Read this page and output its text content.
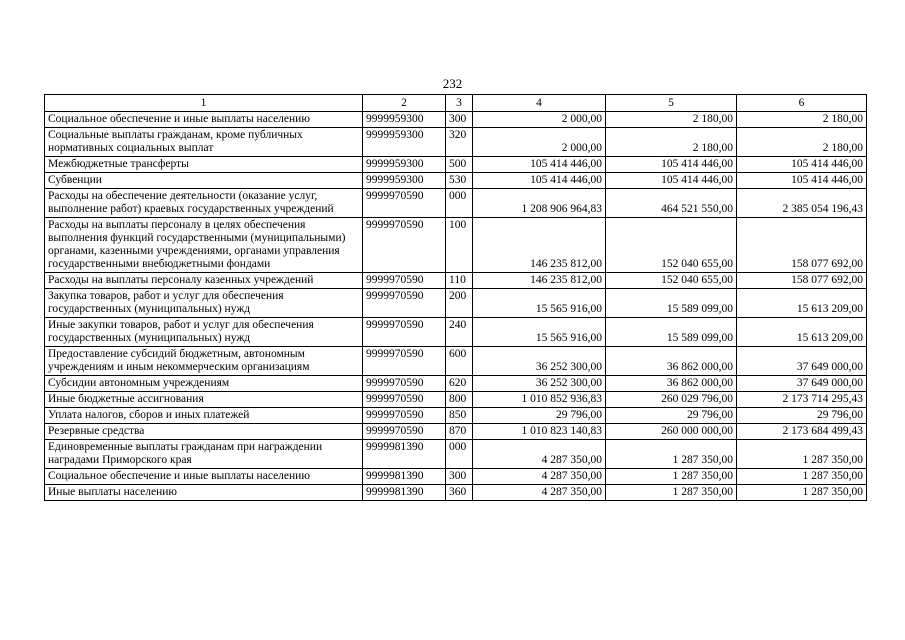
232
1	2	3	4	5	6
Социальное обеспечение и иные выплаты населению	9999959300	300	2 000,00	2 180,00	2 180,00
Социальные выплаты гражданам, кроме публичных нормативных социальных выплат	9999959300	320	2 000,00	2 180,00	2 180,00
Межбюджетные трансферты	9999959300	500	105 414 446,00	105 414 446,00	105 414 446,00
Субвенции	9999959300	530	105 414 446,00	105 414 446,00	105 414 446,00
Расходы на обеспечение деятельности (оказание услуг, выполнение работ) краевых государственных учреждений	9999970590	000	1 208 906 964,83	464 521 550,00	2 385 054 196,43
Расходы на выплаты персоналу в целях обеспечения выполнения функций государственными (муниципальными) органами, казенными учреждениями, органами управления государственными внебюджетными фондами	9999970590	100	146 235 812,00	152 040 655,00	158 077 692,00
Расходы на выплаты персоналу казенных учреждений	9999970590	110	146 235 812,00	152 040 655,00	158 077 692,00
Закупка товаров, работ и услуг для обеспечения государственных (муниципальных) нужд	9999970590	200	15 565 916,00	15 589 099,00	15 613 209,00
Иные закупки товаров, работ и услуг для обеспечения государственных (муниципальных) нужд	9999970590	240	15 565 916,00	15 589 099,00	15 613 209,00
Предоставление субсидий бюджетным, автономным учреждениям и иным некоммерческим организациям	9999970590	600	36 252 300,00	36 862 000,00	37 649 000,00
Субсидии автономным учреждениям	9999970590	620	36 252 300,00	36 862 000,00	37 649 000,00
Иные бюджетные ассигнования	9999970590	800	1 010 852 936,83	260 029 796,00	2 173 714 295,43
Уплата налогов, сборов и иных платежей	9999970590	850	29 796,00	29 796,00	29 796,00
Резервные средства	9999970590	870	1 010 823 140,83	260 000 000,00	2 173 684 499,43
Единовременные выплаты гражданам при награждении наградами Приморского края	9999981390	000	4 287 350,00	1 287 350,00	1 287 350,00
Социальное обеспечение и иные выплаты населению	9999981390	300	4 287 350,00	1 287 350,00	1 287 350,00
Иные выплаты населению	9999981390	360	4 287 350,00	1 287 350,00	1 287 350,00
